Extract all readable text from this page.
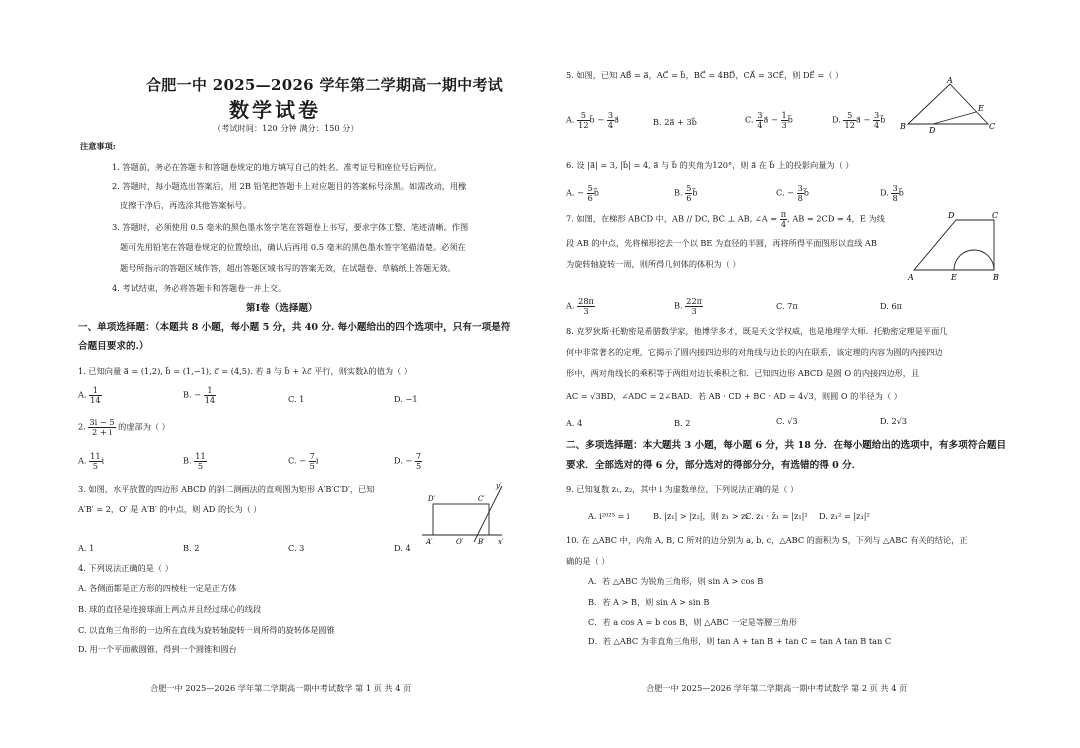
合肥一中 2025—2026 学年第二学期高一期中考试
数学试卷
（考试时间：120 分钟 满分：150 分）
注意事项:
1. 答题前，务必在答题卡和答题卷规定的地方填写自己的姓名、准考证号和座位号后两位。
2. 答题时，每小题选出答案后，用 2B 铅笔把答题卡上对应题目的答案标号涂黑。如需改动，用橡
皮擦干净后，再选涂其他答案标号。
3. 答题时，必须使用 0.5 毫米的黑色墨水签字笔在答题卷上书写，要求字体工整、笔迹清晰。作图
题可先用铅笔在答题卷规定的位置绘出，确认后再用 0.5 毫米的黑色墨水签字笔描清楚。必须在
题号所指示的答题区域作答，超出答题区域书写的答案无效，在试题卷、草稿纸上答题无效。
4. 考试结束，务必将答题卡和答题卷一并上交。
第Ⅰ卷（选择题）
一、单项选择题：（本题共 8 小题，每小题 5 分，共 40 分. 每小题给出的四个选项中，只有一项是符
合题目要求的.）
1. 已知向量 a⃗ = (1,2), b⃗ = (1,−1), c⃗ = (4,5). 若 a⃗ 与 b⃗ + λc⃗ 平行，则实数λ的值为（ ）
A. $\frac{1}{14}$	B. − $\frac{1}{14}$	C. 1	D. −1
2. $\frac{3i - 5}{2 + i}$ 的虚部为（ ）
A. $\frac{11}{5}$ i	B. $\frac{11}{5}$	C. − $\frac{7}{5}$ i	D. − $\frac{7}{5}$
3. 如图，水平放置的四边形 ABCD 的斜二测画法的直观图为矩形 A′B′C′D′，已知
A′B′ = 2，O′ 是 A′B′ 的中点，则 AD 的长为（ ）
D′	C′
y′
A′	O′ B′ x′
A. 1	B. 2	C. 3	D. 4
4. 下列说法正确的是（ ）
A. 各侧面都是正方形的四棱柱一定是正方体
B. 球的直径是连接球面上两点并且经过球心的线段
C. 以直角三角形的一边所在直线为旋转轴旋转一周所得的旋转体是圆锥
D. 用一个平面截圆锥，得到一个圆锥和圆台
合肥一中 2025—2026 学年第二学期高一期中考试数学 第 1 页 共 4 页
5. 如图，已知 AB⃗ = a⃗，AC⃗ = b⃗，BC⃗ = 4BD⃗，CA⃗ = 3CE⃗，则 DE⃗ =（ ）
A. $\frac{5}{12}$ b⃗ − $\frac{3}{4}$ a⃗	B. 2a⃗ + 3b⃗	C. $\frac{3}{4}$ a⃗ − $\frac{1}{3}$ b⃗	D. $\frac{5}{12}$ a⃗ − $\frac{3}{4}$ b⃗
A
B	C
D
E
6. 设 |a⃗| = 3, |b⃗| = 4, a⃗ 与 b⃗ 的夹角为120°，则 a⃗ 在 b⃗ 上的投影向量为（ ）
A. − $\frac{5}{6}$ b⃗	B. $\frac{5}{6}$ b⃗	C. − $\frac{3}{8}$ b⃗	D. $\frac{3}{8}$ b⃗
7. 如图，在梯形 ABCD 中，AB // DC, BC ⊥ AB, ∠A = $\frac{\pi}{4}$ , AB = 2CD = 4，E 为线
段 AB 的中点，先将梯形挖去一个以 BE 为直径的半圆，再将所得平面图形以直线 AB
为旋转轴旋转一周，则所得几何体的体积为（ ）
D	C
A	E	B
A. $\frac{28\pi}{3}$	B. $\frac{22\pi}{3}$	C. 7π	D. 6π
8. 克罗狄斯·托勒密是希腊数学家，他博学多才，既是天文学权威，也是地理学大师．托勒密定理是平面几
何中非常著名的定理，它揭示了圆内接四边形的对角线与边长的内在联系，该定理的内容为圆的内接四边
形中，两对角线长的乘积等于两组对边长乘积之和．已知四边形 ABCD 是圆 O 的内接四边形，且
AC = √3BD，∠ADC = 2∠BAD．若 AB · CD + BC · AD = 4√3，则圆 O 的半径为（ ）
A. 4	B. 2	C. √3	D. 2√3
二、多项选择题：本大题共 3 小题，每小题 6 分，共 18 分．在每小题给出的选项中，有多项符合题目
要求．全部选对的得 6 分，部分选对的得部分分，有选错的得 0 分．
9. 已知复数 z₁, z₂，其中 i 为虚数单位，下列说法正确的是（ ）
A. i²⁰²⁵ = i	B. |z₁| > |z₂|，则 z₁ > z₂
C. z₁ · z̄₁ = |z₁|² D. z₁² = |z₁|²
10. 在 △ABC 中，内角 A, B, C 所对的边分别为 a, b, c，△ABC 的面积为 S，下列与 △ABC 有关的结论，正
确的是（ ）
A．若 △ABC 为锐角三角形，则 sin A > cos B
B．若 A > B，则 sin A > sin B
C．若 a cos A = b cos B，则 △ABC 一定是等腰三角形
D．若 △ABC 为非直角三角形，则 tan A + tan B + tan C = tan A tan B tan C
合肥一中 2025—2026 学年第二学期高一期中考试数学 第 2 页 共 4 页
